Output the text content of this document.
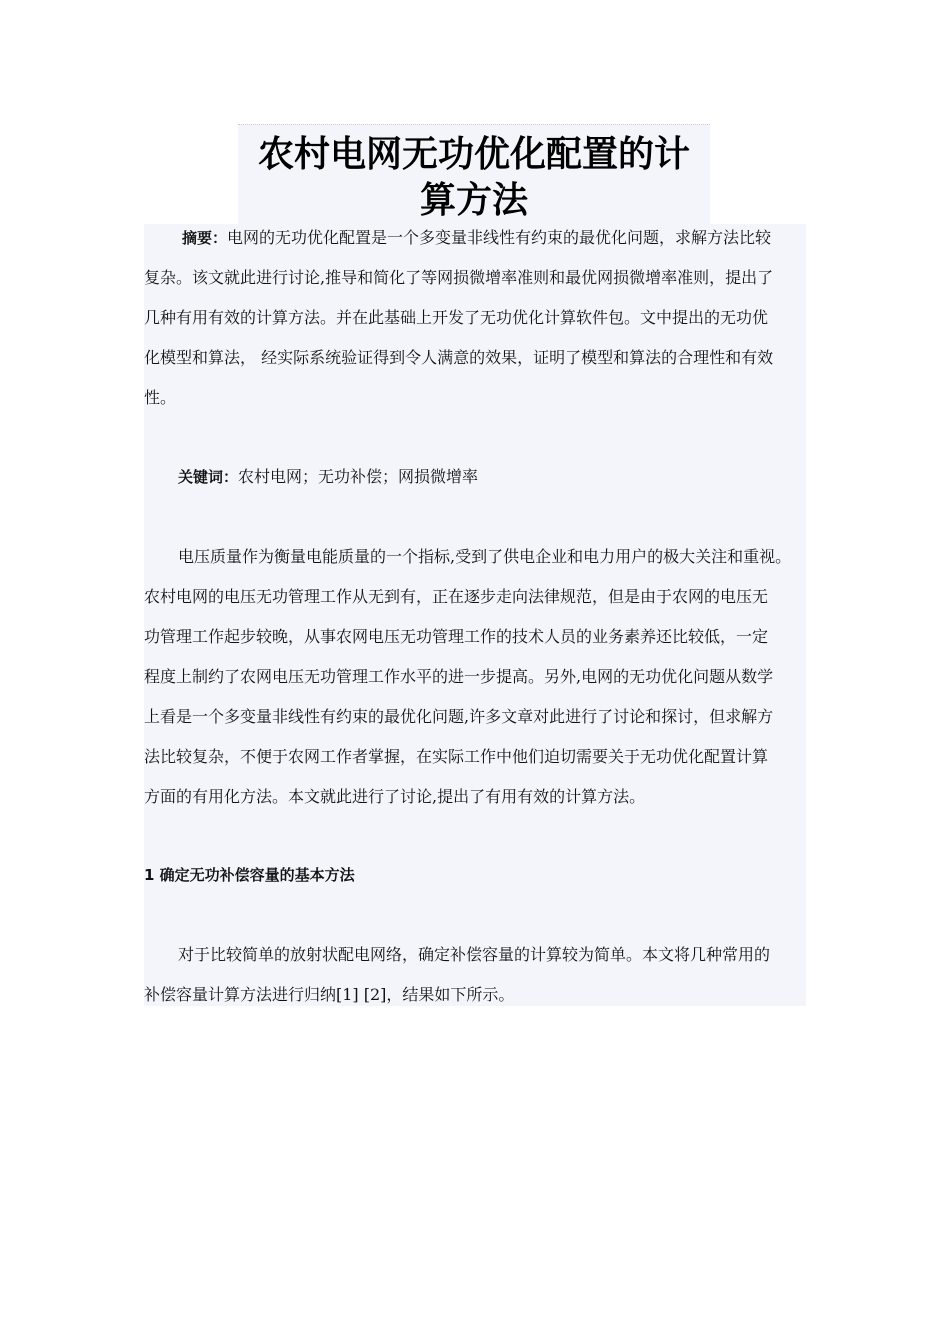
农村电网无功优化配置的计
算方法
摘要：电网的无功优化配置是一个多变量非线性有约束的最优化问题，求解方法比较
复杂。该文就此进行讨论,推导和简化了等网损微增率准则和最优网损微增率准则，提出了
几种有用有效的计算方法。并在此基础上开发了无功优化计算软件包。文中提出的无功优
化模型和算法， 经实际系统验证得到令人满意的效果，证明了模型和算法的合理性和有效
性。
关键词：农村电网；无功补偿；网损微增率
电压质量作为衡量电能质量的一个指标,受到了供电企业和电力用户的极大关注和重视。
农村电网的电压无功管理工作从无到有，正在逐步走向法律规范，但是由于农网的电压无
功管理工作起步较晚，从事农网电压无功管理工作的技术人员的业务素养还比较低，一定
程度上制约了农网电压无功管理工作水平的进一步提高。另外,电网的无功优化问题从数学
上看是一个多变量非线性有约束的最优化问题,许多文章对此进行了讨论和探讨，但求解方
法比较复杂，不便于农网工作者掌握，在实际工作中他们迫切需要关于无功优化配置计算
方面的有用化方法。本文就此进行了讨论,提出了有用有效的计算方法。
1 确定无功补偿容量的基本方法
对于比较简单的放射状配电网络，确定补偿容量的计算较为简单。本文将几种常用的
补偿容量计算方法进行归纳[1] [2]，结果如下所示。
